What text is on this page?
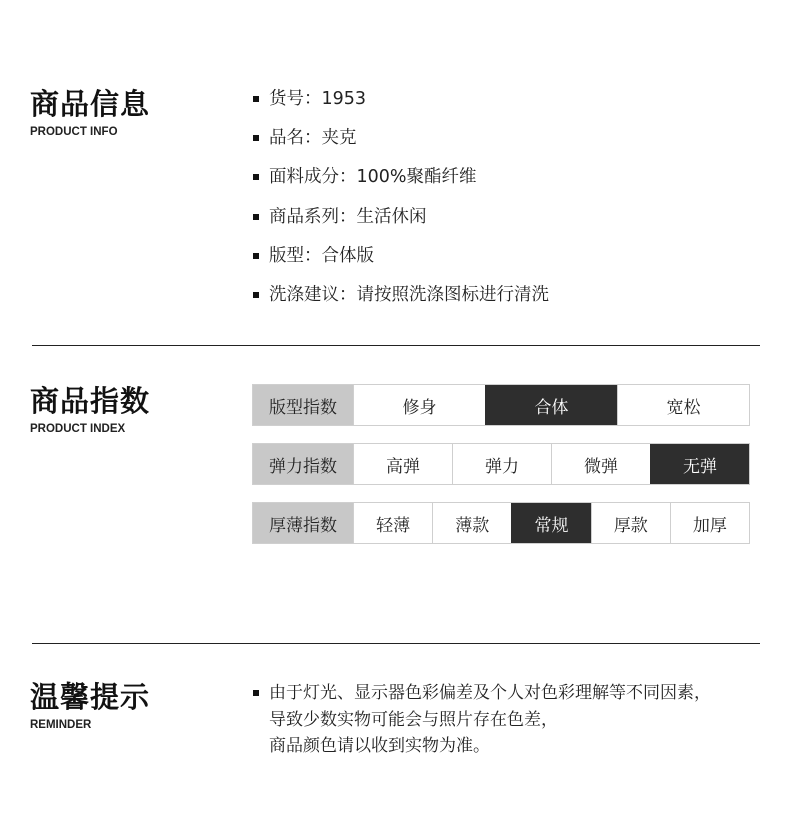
商品信息
PRODUCT INFO
货号：1953
品名：夹克
面料成分：100%聚酯纤维
商品系列：生活休闲
版型：合体版
洗涤建议：请按照洗涤图标进行清洗
商品指数
PRODUCT INDEX
版型指数	修身	合体	宽松
弹力指数	高弹	弹力	微弹	无弹
厚薄指数	轻薄	薄款	常规	厚款	加厚
温馨提示
REMINDER
由于灯光、显示器色彩偏差及个人对色彩理解等不同因素，
导致少数实物可能会与照片存在色差，
商品颜色请以收到实物为准。
